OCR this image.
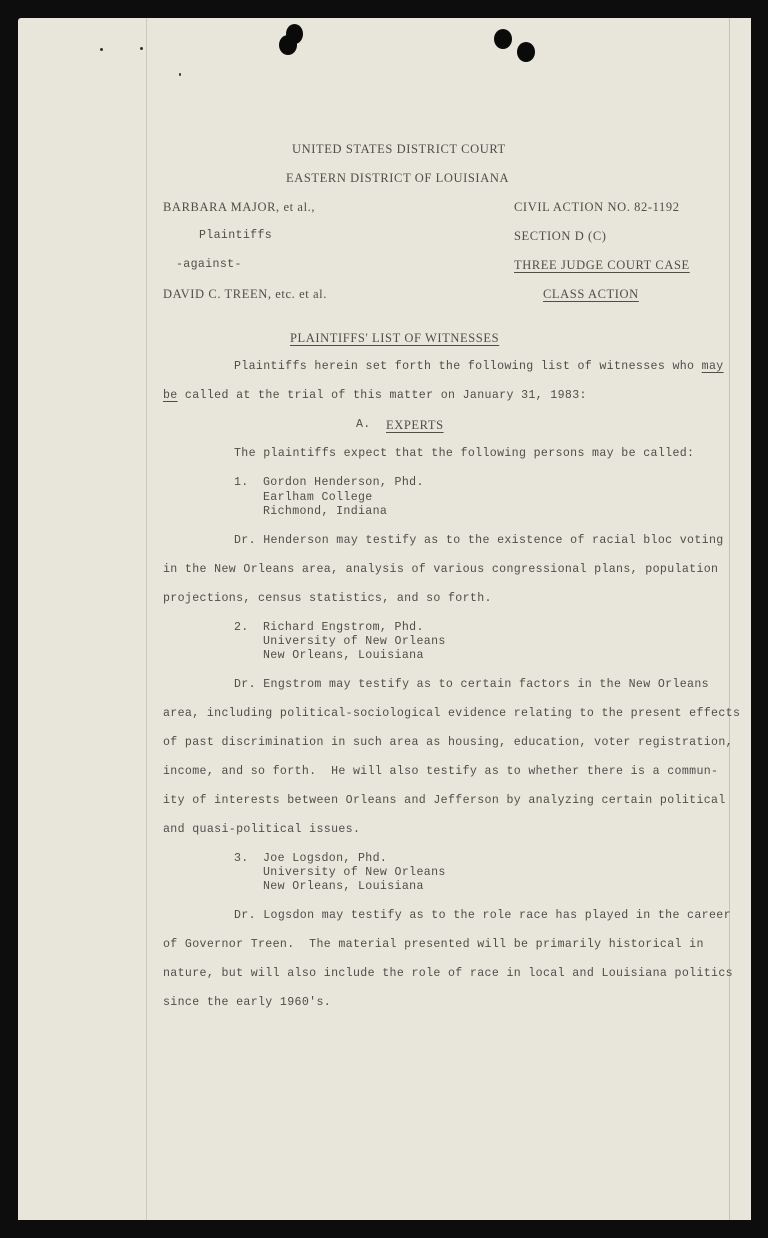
UNITED STATES DISTRICT COURT
EASTERN DISTRICT OF LOUISIANA
BARBARA MAJOR, et al.,
Plaintiffs
-against-
DAVID C. TREEN, etc. et al.
CIVIL ACTION NO. 82-1192
SECTION D (C)
THREE JUDGE COURT CASE
CLASS ACTION
PLAINTIFFS' LIST OF WITNESSES
Plaintiffs herein set forth the following list of witnesses who may
be called at the trial of this matter on January 31, 1983:
A. EXPERTS
The plaintiffs expect that the following persons may be called:
1. Gordon Henderson, Phd.
Earlham College
Richmond, Indiana
Dr. Henderson may testify as to the existence of racial bloc voting
in the New Orleans area, analysis of various congressional plans, population
projections, census statistics, and so forth.
2. Richard Engstrom, Phd.
University of New Orleans
New Orleans, Louisiana
Dr. Engstrom may testify as to certain factors in the New Orleans
area, including political-sociological evidence relating to the present effects
of past discrimination in such area as housing, education, voter registration,
income, and so forth.  He will also testify as to whether there is a commun-
ity of interests between Orleans and Jefferson by analyzing certain political
and quasi-political issues.
3. Joe Logsdon, Phd.
University of New Orleans
New Orleans, Louisiana
Dr. Logsdon may testify as to the role race has played in the career
of Governor Treen.  The material presented will be primarily historical in
nature, but will also include the role of race in local and Louisiana politics
since the early 1960's.
